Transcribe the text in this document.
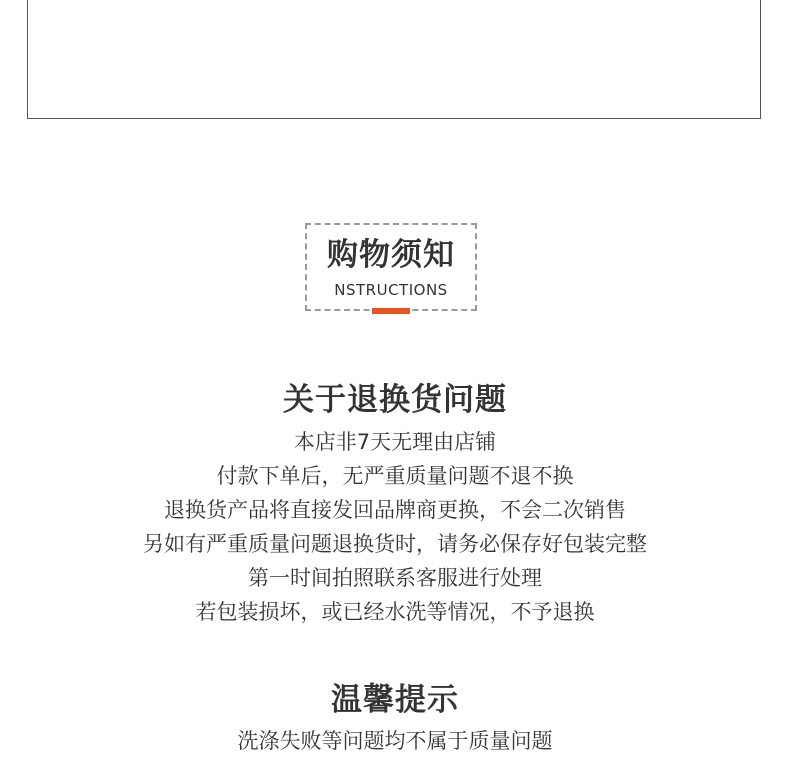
购物须知
NSTRUCTIONS
关于退换货问题
本店非7天无理由店铺
付款下单后，无严重质量问题不退不换
退换货产品将直接发回品牌商更换，不会二次销售
另如有严重质量问题退换货时，请务必保存好包装完整
第一时间拍照联系客服进行处理
若包装损坏，或已经水洗等情况，不予退换
温馨提示
洗涤失败等问题均不属于质量问题
